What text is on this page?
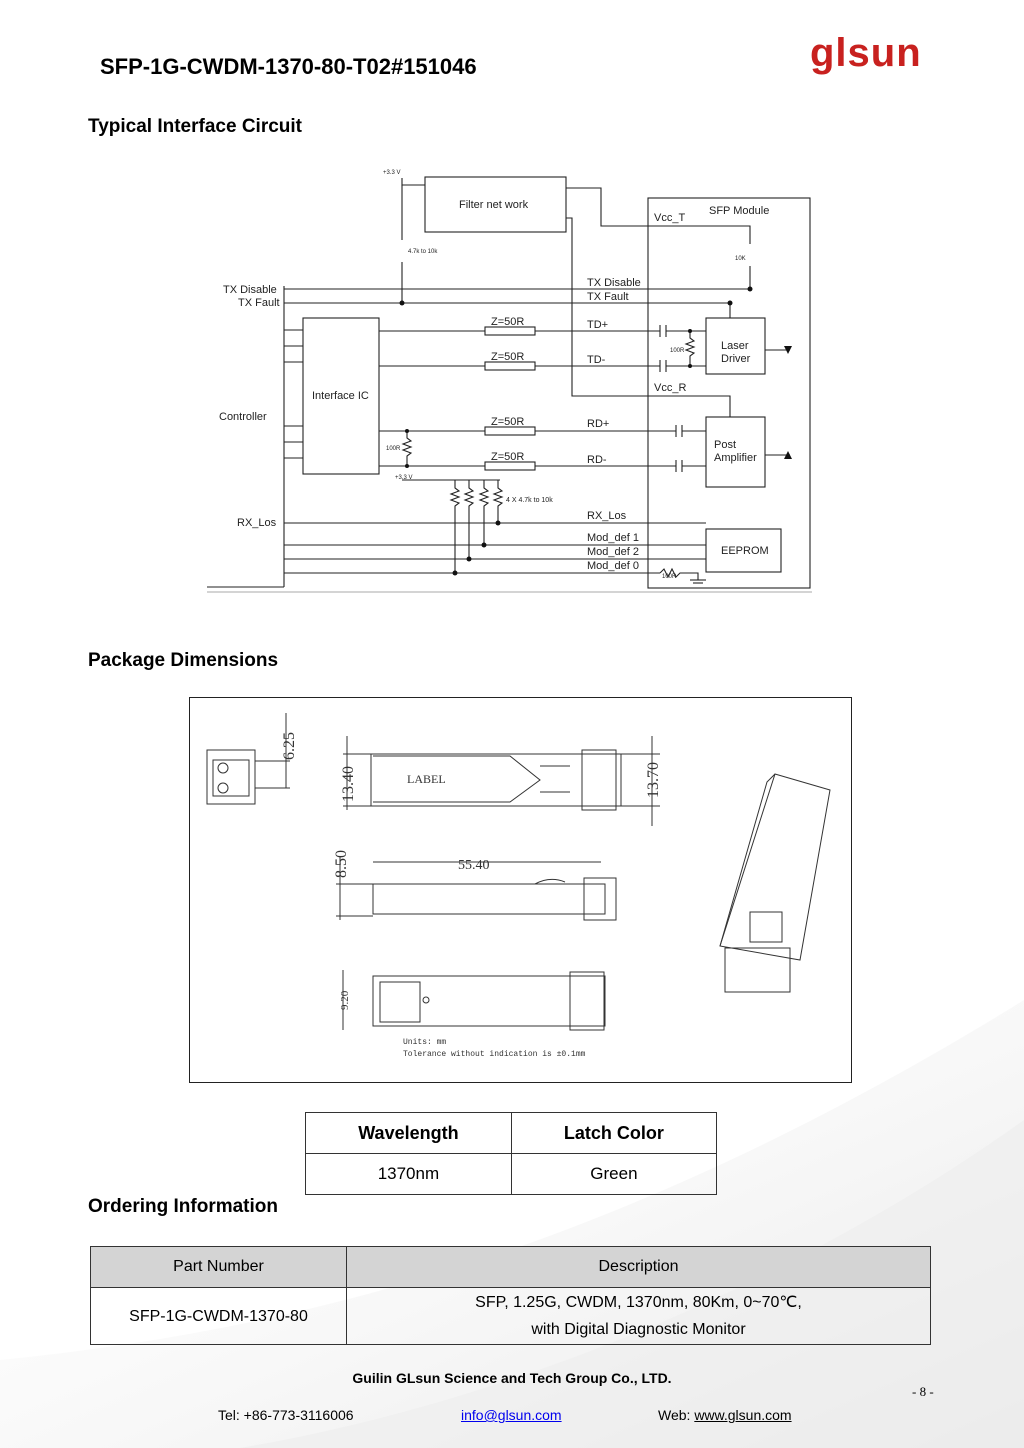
SFP-1G-CWDM-1370-80-T02#151046	glsun
Typical Interface Circuit
+3.3 V
Filter net work
Vcc_T
SFP Module
4.7k to 10k
10K
TX Disable
TX Fault
TX Disable
TX Fault
Z=50R
Z=50R
Z=50R
Z=50R
TD+
TD-
100R	Laser
Driver
Vcc_R
Interface IC
Controller
RD+
RD-
100R	Post
Amplifier
+3.3 V
4 X 4.7k to 10k
RX_Los
RX_Los
Mod_def 1
Mod_def 2
Mod_def 0
EEPROM
100R
Package Dimensions
6.25
13.40	LABEL	13.70
8.50	55.40
9.20
Units: mm
Tolerance without indication is ±0.1mm
Wavelength	Latch Color
1370nm	Green
Ordering Information
Part Number	Description
SFP-1G-CWDM-1370-80	SFP, 1.25G, CWDM, 1370nm, 80Km, 0~70℃,
with Digital Diagnostic Monitor
Guilin GLsun Science and Tech Group Co., LTD.
- 8 -
Tel: +86-773-3116006	info@glsun.com	Web: www.glsun.com
